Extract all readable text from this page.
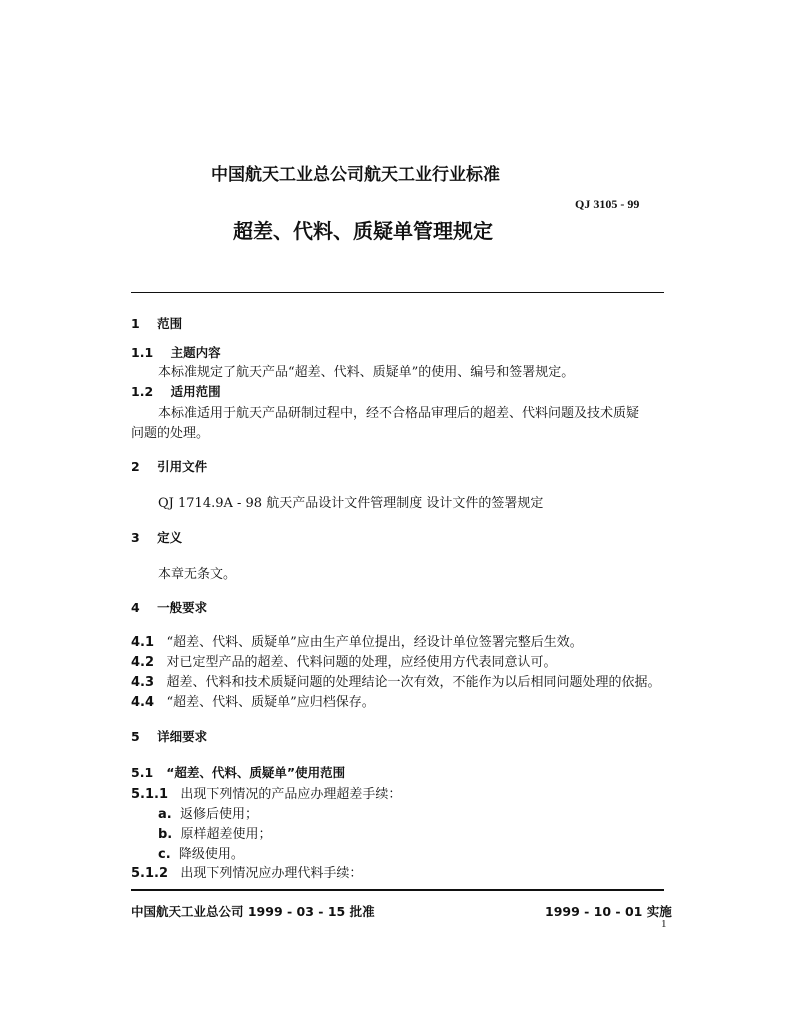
中国航天工业总公司航天工业行业标准
QJ 3105 - 99
超差、代料、质疑单管理规定
1 范围
1.1 主题内容
本标准规定了航天产品“超差、代料、质疑单”的使用、编号和签署规定。
1.2 适用范围
本标准适用于航天产品研制过程中，经不合格品审理后的超差、代料问题及技术质疑
问题的处理。
2 引用文件
QJ 1714.9A - 98 航天产品设计文件管理制度 设计文件的签署规定
3 定义
本章无条文。
4 一般要求
4.1 “超差、代料、质疑单”应由生产单位提出，经设计单位签署完整后生效。
4.2 对已定型产品的超差、代料问题的处理，应经使用方代表同意认可。
4.3 超差、代料和技术质疑问题的处理结论一次有效，不能作为以后相同问题处理的依据。
4.4 “超差、代料、质疑单”应归档保存。
5 详细要求
5.1 “超差、代料、质疑单”使用范围
5.1.1 出现下列情况的产品应办理超差手续：
a. 返修后使用；
b. 原样超差使用；
c. 降级使用。
5.1.2 出现下列情况应办理代料手续：
中国航天工业总公司 1999 - 03 - 15 批准	1999 - 10 - 01 实施
1
